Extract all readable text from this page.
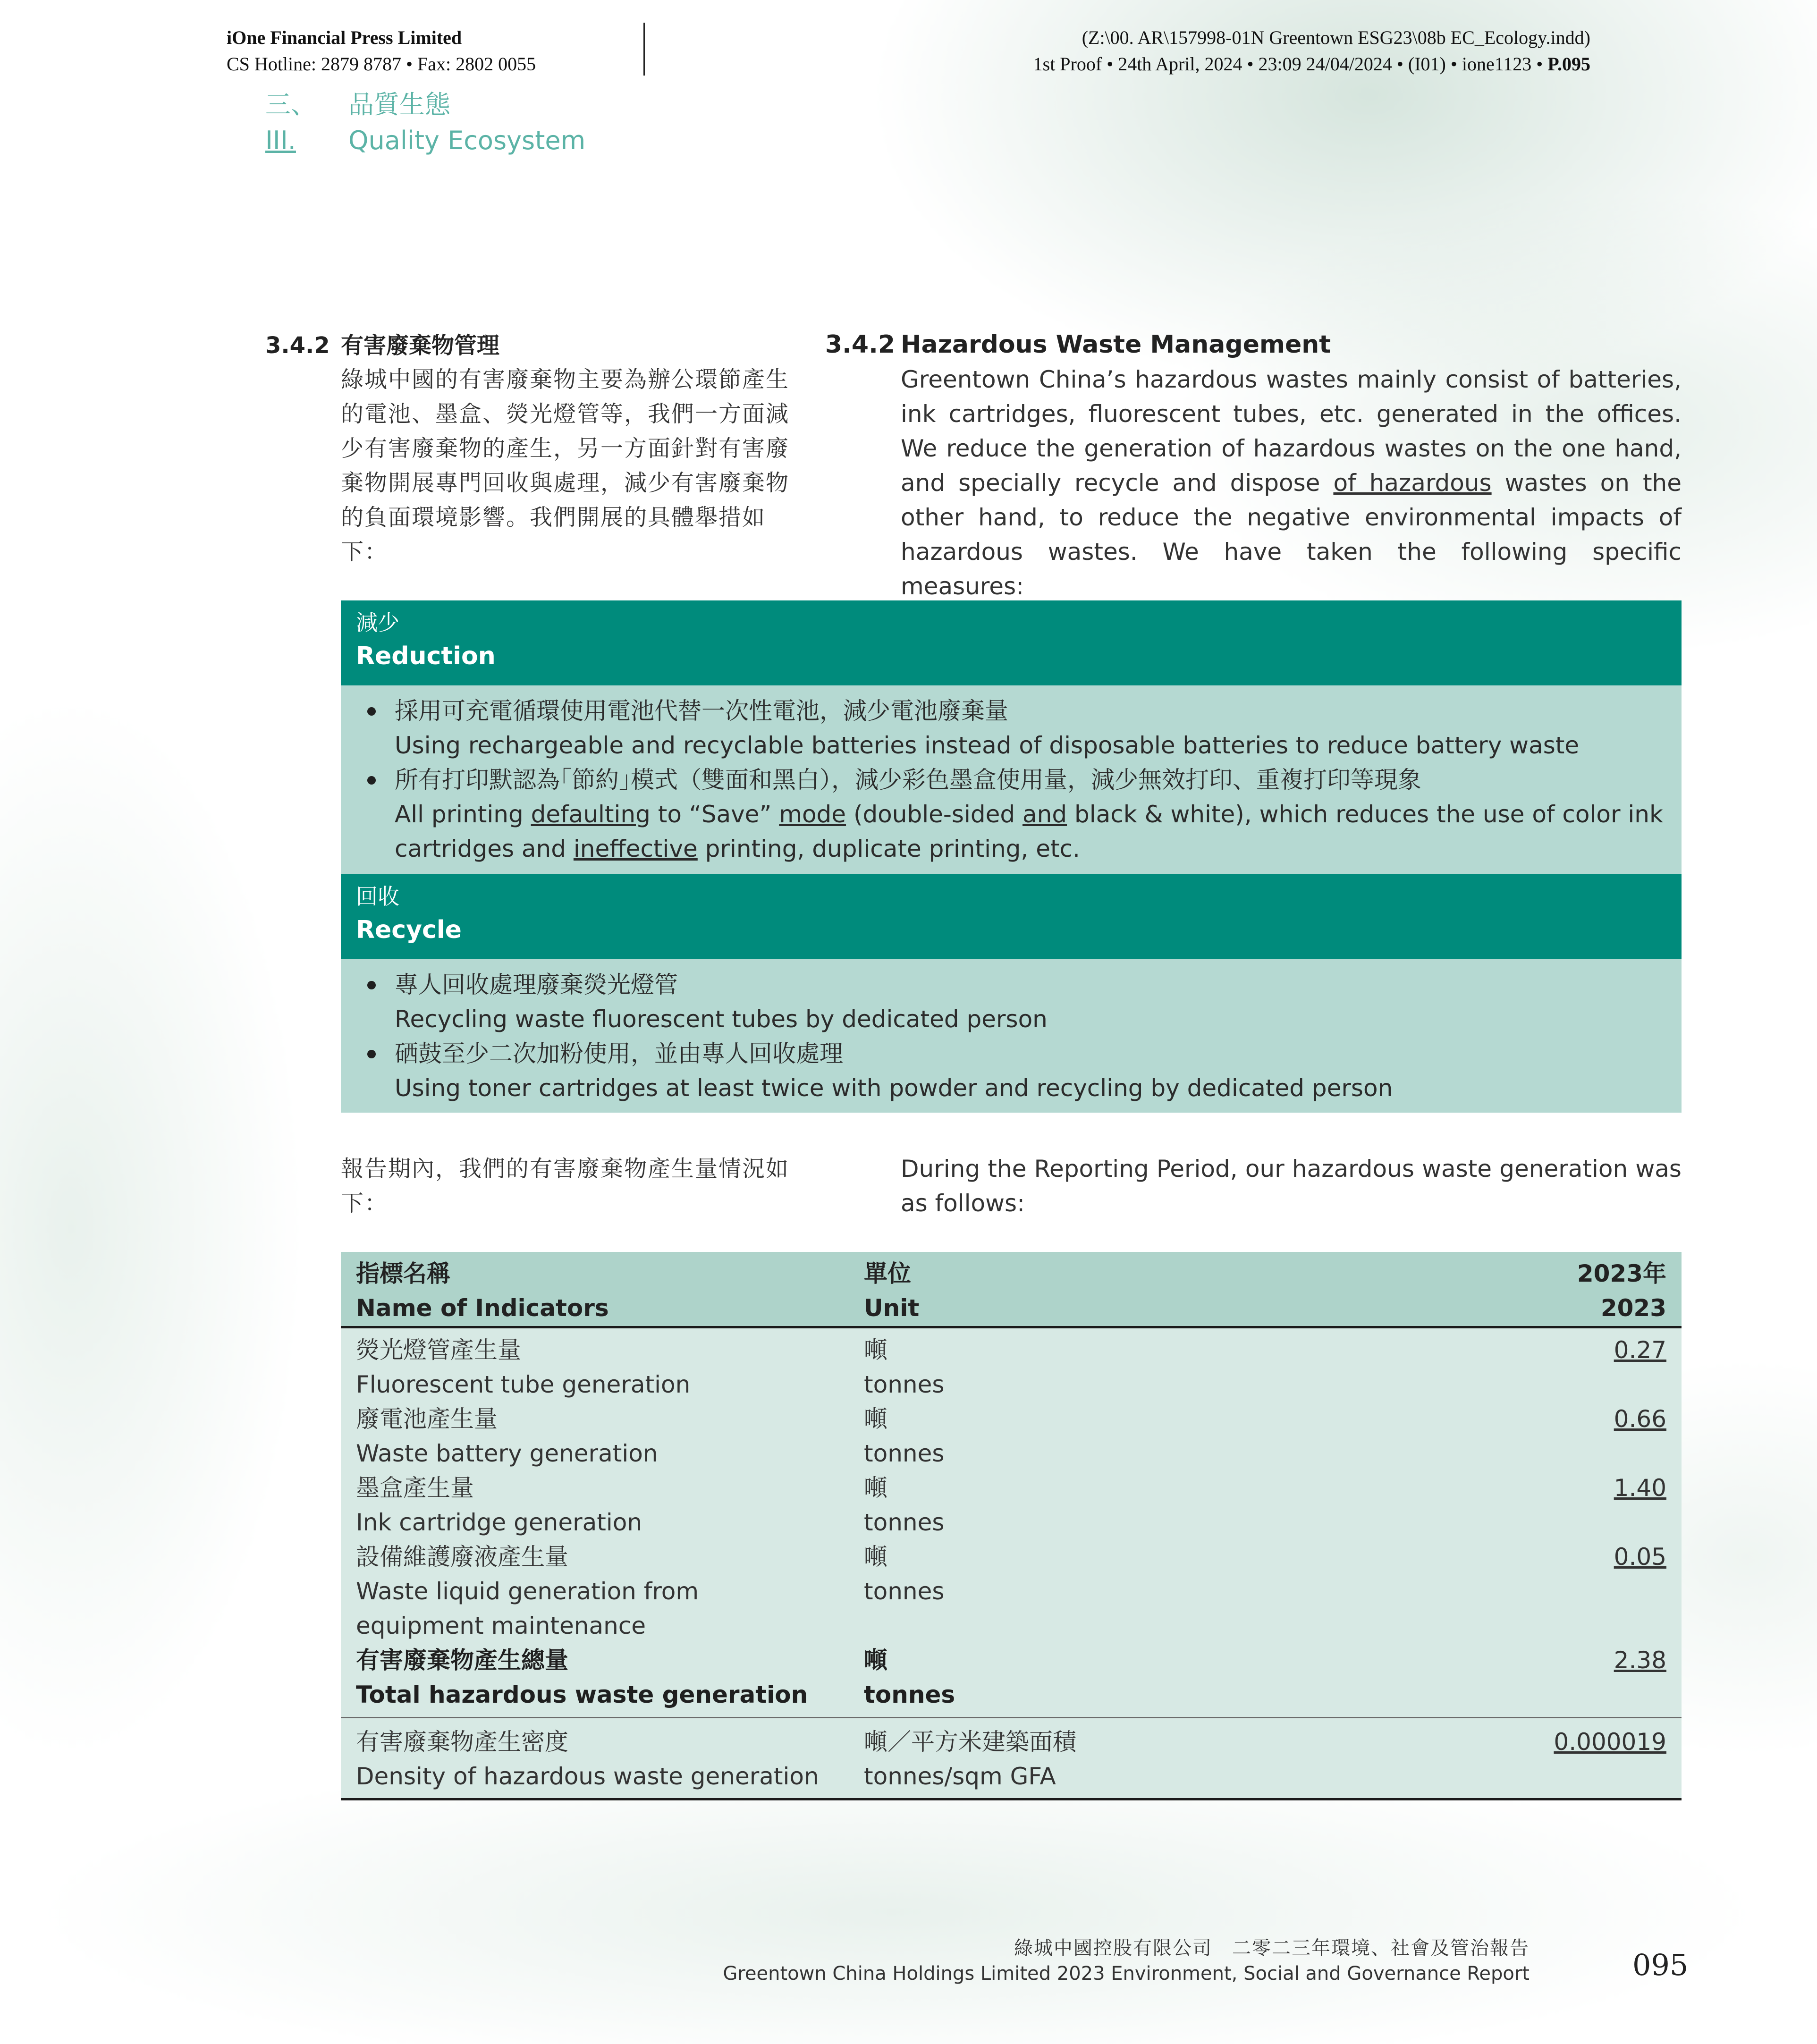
iOne Financial Press Limited
CS Hotline: 2879 8787 • Fax: 2802 0055
(Z:\00. AR\157998-01N Greentown ESG23\08b EC_Ecology.indd)
1st Proof • 24th April, 2024 • 23:09 24/04/2024 • (I01) • ione1123 • P.095
三、 品質生態
III. Quality Ecosystem
3.4.2 有害廢棄物管理	3.4.2 Hazardous Waste Management
綠城中國的有害廢棄物主要為辦公環節產生的電池、墨盒、熒光燈管等，我們一方面減少有害廢棄物的產生，另一方面針對有害廢棄物開展專門回收與處理，減少有害廢棄物的負面環境影響。我們開展的具體舉措如下：
Greentown China’s hazardous wastes mainly consist of batteries, ink cartridges, fluorescent tubes, etc. generated in the offices. We reduce the generation of hazardous wastes on the one hand, and specially recycle and dispose of hazardous wastes on the other hand, to reduce the negative environmental impacts of hazardous wastes. We have taken the following specific measures:
減少
Reduction
採用可充電循環使用電池代替一次性電池，減少電池廢棄量
Using rechargeable and recyclable batteries instead of disposable batteries to reduce battery waste
所有打印默認為｢節約｣模式（雙面和黑白），減少彩色墨盒使用量，減少無效打印、重複打印等現象
All printing defaulting to “Save” mode (double-sided and black & white), which reduces the use of color ink cartridges and ineffective printing, duplicate printing, etc.
回收
Recycle
專人回收處理廢棄熒光燈管
Recycling waste fluorescent tubes by dedicated person
硒鼓至少二次加粉使用，並由專人回收處理
Using toner cartridges at least twice with powder and recycling by dedicated person
報告期內，我們的有害廢棄物產生量情況如下：
During the Reporting Period, our hazardous waste generation was as follows:
指標名稱
Name of Indicators
單位
Unit
2023年
2023
熒光燈管產生量
Fluorescent tube generation
噸
tonnes
0.27
廢電池產生量
Waste battery generation
噸
tonnes
0.66
墨盒產生量
Ink cartridge generation
噸
tonnes
1.40
設備維護廢液產生量
Waste liquid generation from equipment maintenance
噸
tonnes
0.05
有害廢棄物產生總量
Total hazardous waste generation
噸
tonnes
2.38
有害廢棄物產生密度
Density of hazardous waste generation
噸／平方米建築面積
tonnes/sqm GFA
0.000019
綠城中國控股有限公司　二零二三年環境、社會及管治報告
Greentown China Holdings Limited 2023 Environment, Social and Governance Report	095
